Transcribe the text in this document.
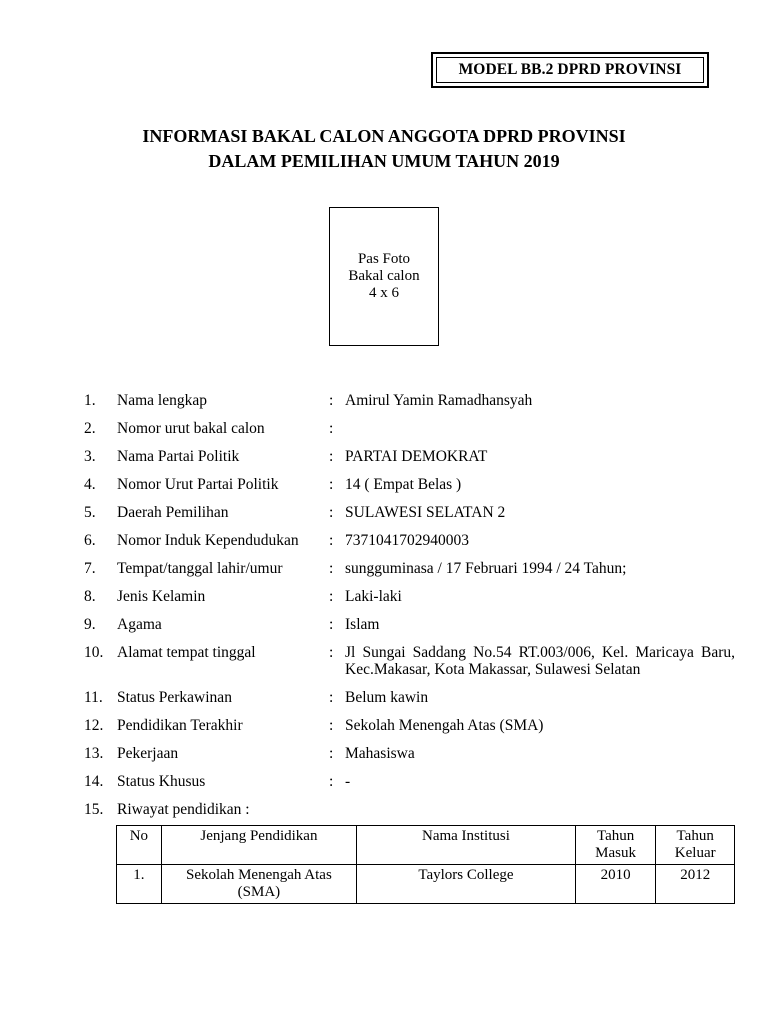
MODEL BB.2 DPRD PROVINSI
INFORMASI BAKAL CALON ANGGOTA DPRD PROVINSI
DALAM PEMILIHAN UMUM TAHUN 2019
Pas Foto
Bakal calon
4 x 6
1. Nama lengkap	: Amirul Yamin Ramadhansyah
2. Nomor urut bakal calon	:
3. Nama Partai Politik	: PARTAI DEMOKRAT
4. Nomor Urut Partai Politik	: 14 ( Empat Belas )
5. Daerah Pemilihan	: SULAWESI SELATAN 2
6. Nomor Induk Kependudukan : 7371041702940003
7. Tempat/tanggal lahir/umur	: sungguminasa / 17 Februari 1994 / 24 Tahun;
8. Jenis Kelamin	: Laki-laki
9. Agama	: Islam
10. Alamat tempat tinggal	: Jl Sungai Saddang No.54 RT.003/006, Kel. Maricaya Baru, Kec.Makasar, Kota Makassar, Sulawesi Selatan
11. Status Perkawinan	: Belum kawin
12. Pendidikan Terakhir	: Sekolah Menengah Atas (SMA)
13. Pekerjaan	: Mahasiswa
14. Status Khusus	: -
15. Riwayat pendidikan :
No	Jenjang Pendidikan	Nama Institusi	Tahun Masuk	Tahun Keluar
1.	Sekolah Menengah Atas (SMA)	Taylors College	2010	2012
